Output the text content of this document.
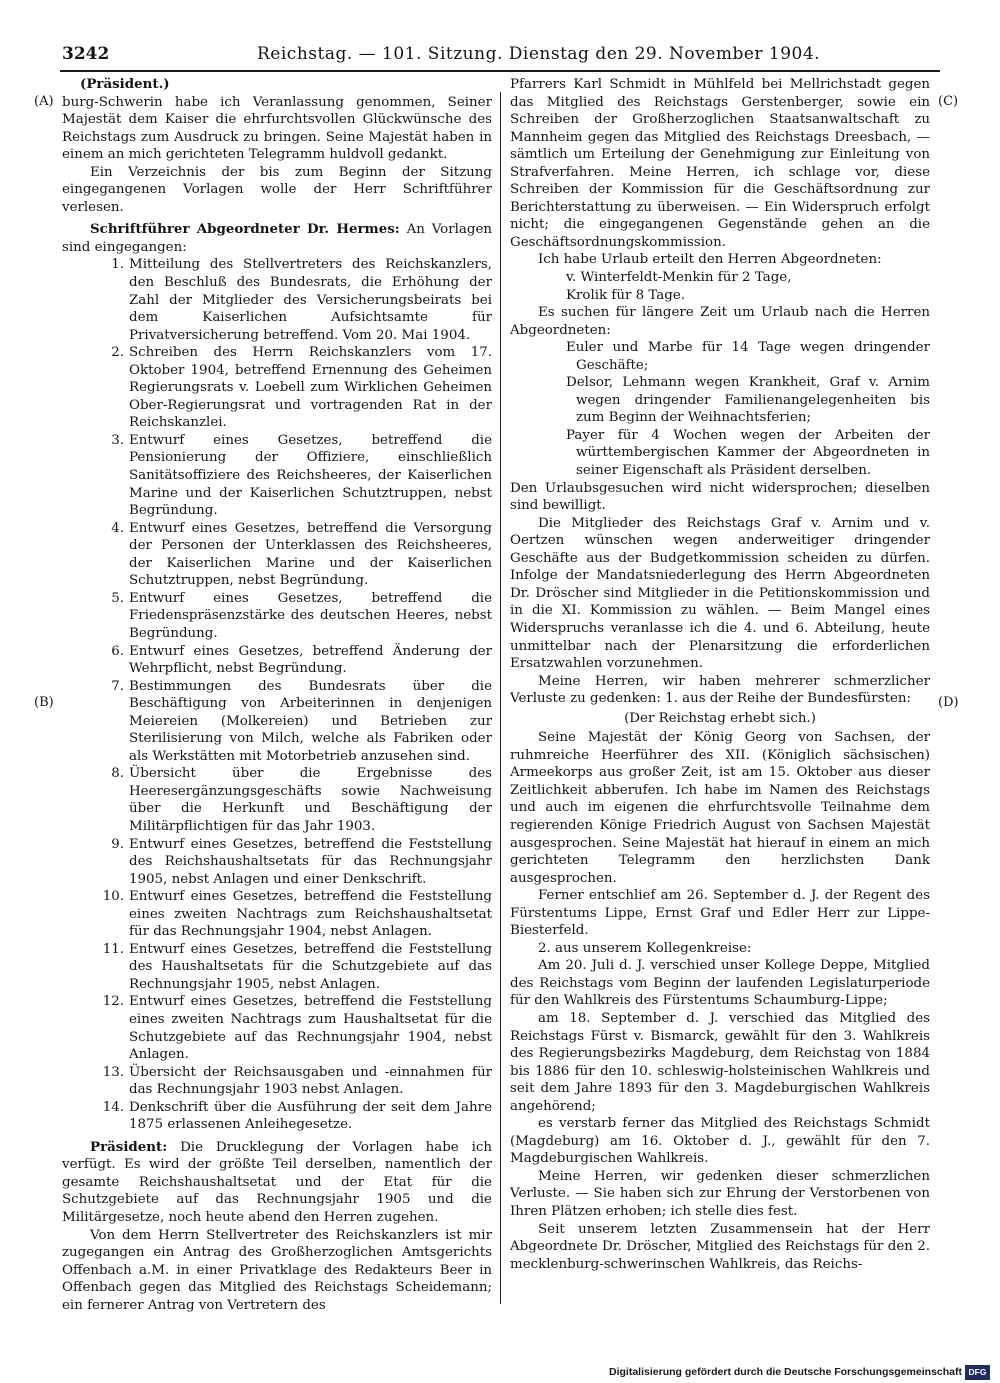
3242	Reichstag. — 101. Sitzung. Dienstag den 29. November 1904.
(A)
(B)
(C)
(D)

(Präsident.)

burg-Schwerin habe ich Veranlassung genommen, Seiner Majestät dem Kaiser die ehrfurchtsvollen Glückwünsche des Reichstags zum Ausdruck zu bringen. Seine Majestät haben in einem an mich gerichteten Telegramm huldvoll gedankt.

Ein Verzeichnis der bis zum Beginn der Sitzung eingegangenen Vorlagen wolle der Herr Schriftführer verlesen.

Schriftführer Abgeordneter Dr. Hermes: An Vorlagen sind eingegangen:

1. Mitteilung des Stellvertreters des Reichskanzlers, den Beschluß des Bundesrats, die Erhöhung der Zahl der Mitglieder des Versicherungsbeirats bei dem Kaiserlichen Aufsichtsamte für Privatversicherung betreffend. Vom 20. Mai 1904.
2. Schreiben des Herrn Reichskanzlers vom 17. Oktober 1904, betreffend Ernennung des Geheimen Regierungsrats v. Loebell zum Wirklichen Geheimen Ober-Regierungsrat und vortragenden Rat in der Reichskanzlei.
3. Entwurf eines Gesetzes, betreffend die Pensionierung der Offiziere, einschließlich Sanitätsoffiziere des Reichsheeres, der Kaiserlichen Marine und der Kaiserlichen Schutztruppen, nebst Begründung.
4. Entwurf eines Gesetzes, betreffend die Versorgung der Personen der Unterklassen des Reichsheeres, der Kaiserlichen Marine und der Kaiserlichen Schutztruppen, nebst Begründung.
5. Entwurf eines Gesetzes, betreffend die Friedenspräsenzstärke des deutschen Heeres, nebst Begründung.
6. Entwurf eines Gesetzes, betreffend Änderung der Wehrpflicht, nebst Begründung.
7. Bestimmungen des Bundesrats über die Beschäftigung von Arbeiterinnen in denjenigen Meiereien (Molkereien) und Betrieben zur Sterilisierung von Milch, welche als Fabriken oder als Werkstätten mit Motorbetrieb anzusehen sind.
8. Übersicht über die Ergebnisse des Heeresergänzungsgeschäfts sowie Nachweisung über die Herkunft und Beschäftigung der Militärpflichtigen für das Jahr 1903.
9. Entwurf eines Gesetzes, betreffend die Feststellung des Reichshaushaltsetats für das Rechnungsjahr 1905, nebst Anlagen und einer Denkschrift.
10. Entwurf eines Gesetzes, betreffend die Feststellung eines zweiten Nachtrags zum Reichshaushaltsetat für das Rechnungsjahr 1904, nebst Anlagen.
11. Entwurf eines Gesetzes, betreffend die Feststellung des Haushaltsetats für die Schutzgebiete auf das Rechnungsjahr 1905, nebst Anlagen.
12. Entwurf eines Gesetzes, betreffend die Feststellung eines zweiten Nachtrags zum Haushaltsetat für die Schutzgebiete auf das Rechnungsjahr 1904, nebst Anlagen.
13. Übersicht der Reichsausgaben und -einnahmen für das Rechnungsjahr 1903 nebst Anlagen.
14. Denkschrift über die Ausführung der seit dem Jahre 1875 erlassenen Anleihegesetze.

Präsident: Die Drucklegung der Vorlagen habe ich verfügt. Es wird der größte Teil derselben, namentlich der gesamte Reichshaushaltsetat und der Etat für die Schutzgebiete auf das Rechnungsjahr 1905 und die Militärgesetze, noch heute abend den Herren zugehen.

Von dem Herrn Stellvertreter des Reichskanzlers ist mir zugegangen ein Antrag des Großherzoglichen Amtsgerichts Offenbach a.M. in einer Privatklage des Redakteurs Beer in Offenbach gegen das Mitglied des Reichstags Scheidemann; ein fernerer Antrag von Vertretern des

Pfarrers Karl Schmidt in Mühlfeld bei Mellrichstadt gegen das Mitglied des Reichstags Gerstenberger, sowie ein Schreiben der Großherzoglichen Staatsanwaltschaft zu Mannheim gegen das Mitglied des Reichstags Dreesbach, — sämtlich um Erteilung der Genehmigung zur Einleitung von Strafverfahren. Meine Herren, ich schlage vor, diese Schreiben der Kommission für die Geschäftsordnung zur Berichterstattung zu überweisen. — Ein Widerspruch erfolgt nicht; die eingegangenen Gegenstände gehen an die Geschäftsordnungskommission.

Ich habe Urlaub erteilt den Herren Abgeordneten:

v. Winterfeldt-Menkin für 2 Tage,

Krolik für 8 Tage.

Es suchen für längere Zeit um Urlaub nach die Herren Abgeordneten:

Euler und Marbe für 14 Tage wegen dringender Geschäfte;

Delsor, Lehmann wegen Krankheit, Graf v. Arnim wegen dringender Familienangelegenheiten bis zum Beginn der Weihnachtsferien;

Payer für 4 Wochen wegen der Arbeiten der württembergischen Kammer der Abgeordneten in seiner Eigenschaft als Präsident derselben.

Den Urlaubsgesuchen wird nicht widersprochen; dieselben sind bewilligt.

Die Mitglieder des Reichstags Graf v. Arnim und v. Oertzen wünschen wegen anderweitiger dringender Geschäfte aus der Budgetkommission scheiden zu dürfen. Infolge der Mandatsniederlegung des Herrn Abgeordneten Dr. Dröscher sind Mitglieder in die Petitionskommission und in die XI. Kommission zu wählen. — Beim Mangel eines Widerspruchs veranlasse ich die 4. und 6. Abteilung, heute unmittelbar nach der Plenarsitzung die erforderlichen Ersatzwahlen vorzunehmen.

Meine Herren, wir haben mehrerer schmerzlicher Verluste zu gedenken: 1. aus der Reihe der Bundesfürsten:

(Der Reichstag erhebt sich.)

Seine Majestät der König Georg von Sachsen, der ruhmreiche Heerführer des XII. (Königlich sächsischen) Armeekorps aus großer Zeit, ist am 15. Oktober aus dieser Zeitlichkeit abberufen. Ich habe im Namen des Reichstags und auch im eigenen die ehrfurchtsvolle Teilnahme dem regierenden Könige Friedrich August von Sachsen Majestät ausgesprochen. Seine Majestät hat hierauf in einem an mich gerichteten Telegramm den herzlichsten Dank ausgesprochen.

Ferner entschlief am 26. September d. J. der Regent des Fürstentums Lippe, Ernst Graf und Edler Herr zur Lippe-Biesterfeld.

2. aus unserem Kollegenkreise:

Am 20. Juli d. J. verschied unser Kollege Deppe, Mitglied des Reichstags vom Beginn der laufenden Legislaturperiode für den Wahlkreis des Fürstentums Schaumburg-Lippe;

am 18. September d. J. verschied das Mitglied des Reichstags Fürst v. Bismarck, gewählt für den 3. Wahlkreis des Regierungsbezirks Magdeburg, dem Reichstag von 1884 bis 1886 für den 10. schleswig-holsteinischen Wahlkreis und seit dem Jahre 1893 für den 3. Magdeburgischen Wahlkreis angehörend;

es verstarb ferner das Mitglied des Reichstags Schmidt (Magdeburg) am 16. Oktober d. J., gewählt für den 7. Magdeburgischen Wahlkreis.

Meine Herren, wir gedenken dieser schmerzlichen Verluste. — Sie haben sich zur Ehrung der Verstorbenen von Ihren Plätzen erhoben; ich stelle dies fest.

Seit unserem letzten Zusammensein hat der Herr Abgeordnete Dr. Dröscher, Mitglied des Reichstags für den 2. mecklenburg-schwerinschen Wahlkreis, das Reichs-

Digitalisierung gefördert durch die Deutsche Forschungsgemeinschaft DFG
